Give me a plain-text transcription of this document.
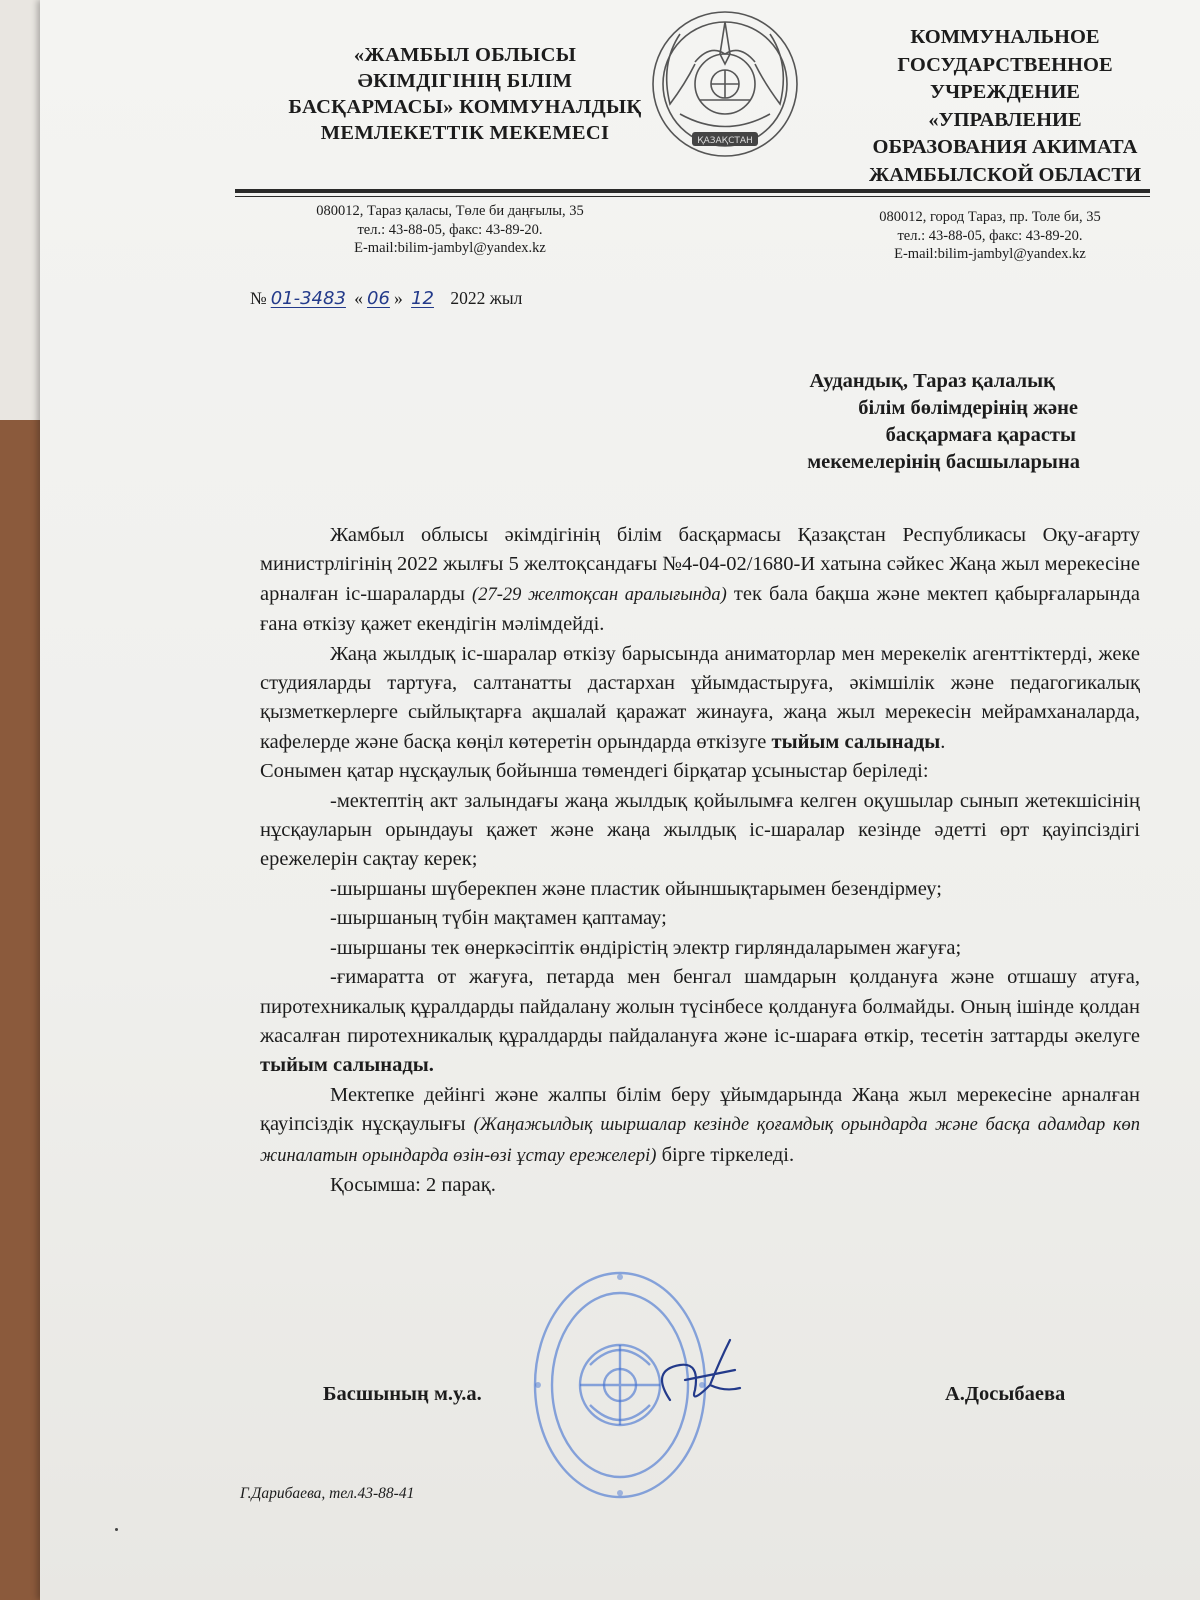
«ЖАМБЫЛ ОБЛЫСЫ
ӘКІМДІГІНІҢ БІЛІМ
БАСҚАРМАСЫ» КОММУНАЛДЫҚ
МЕМЛЕКЕТТІК МЕКЕМЕСІ	ҚАЗАҚСТАН
КОММУНАЛЬНОЕ
ГОСУДАРСТВЕННОЕ
УЧРЕЖДЕНИЕ
«УПРАВЛЕНИЕ
ОБРАЗОВАНИЯ АКИМАТА
ЖАМБЫЛСКОЙ ОБЛАСТИ
080012, Тараз қаласы, Төле би даңғылы, 35
тел.: 43-88-05, факс: 43-89-20.
E-mail:bilim-jambyl@yandex.kz
080012, город Тараз, пр. Толе би, 35
тел.: 43-88-05, факс: 43-89-20.
E-mail:bilim-jambyl@yandex.kz
№ 01-3483 « 06 » 12 2022 жыл
Аудандық, Тараз қалалық
білім бөлімдерінің және
басқармаға қарасты
мекемелерінің басшыларына

Жамбыл облысы әкімдігінің білім басқармасы Қазақстан Республикасы Оқу-ағарту министрлігінің 2022 жылғы 5 желтоқсандағы №4-04-02/1680-И хатына сәйкес Жаңа жыл мерекесіне арналған іс-шараларды (27-29 желтоқсан аралығында) тек бала бақша және мектеп қабырғаларында ғана өткізу қажет екендігін мәлімдейді.

Жаңа жылдық іс-шаралар өткізу барысында аниматорлар мен мерекелік агенттіктерді, жеке студияларды тартуға, салтанатты дастархан ұйымдастыруға, әкімшілік және педагогикалық қызметкерлерге сыйлықтарға ақшалай қаражат жинауға, жаңа жыл мерекесін мейрамханаларда, кафелерде және басқа көңіл көтеретін орындарда өткізуге тыйым салынады.

Сонымен қатар нұсқаулық бойынша төмендегі бірқатар ұсыныстар беріледі:

-мектептің акт залындағы жаңа жылдық қойылымға келген оқушылар сынып жетекшісінің нұсқауларын орындауы қажет және жаңа жылдық іс-шаралар кезінде әдетті өрт қауіпсіздігі ережелерін сақтау керек;

-шыршаны шүберекпен және пластик ойыншықтарымен безендірмеу;

-шыршаның түбін мақтамен қаптамау;

-шыршаны тек өнеркәсіптік өндірістің электр гирляндаларымен жағуға;

-ғимаратта от жағуға, петарда мен бенгал шамдарын қолдануға және отшашу атуға, пиротехникалық құралдарды пайдалану жолын түсінбесе қолдануға болмайды. Оның ішінде қолдан жасалған пиротехникалық құралдарды пайдалануға және іс-шараға өткір, тесетін заттарды әкелуге тыйым салынады.

Мектепке дейінгі және жалпы білім беру ұйымдарында Жаңа жыл мерекесіне арналған қауіпсіздік нұсқаулығы (Жаңажылдық шыршалар кезінде қоғамдық орындарда және басқа адамдар көп жиналатын орындарда өзін-өзі ұстау ережелері) бірге тіркеледі.

Қосымша: 2 парақ.

Басшының м.у.а.	А.Досыбаева
Г.Дарибаева, тел.43-88-41
